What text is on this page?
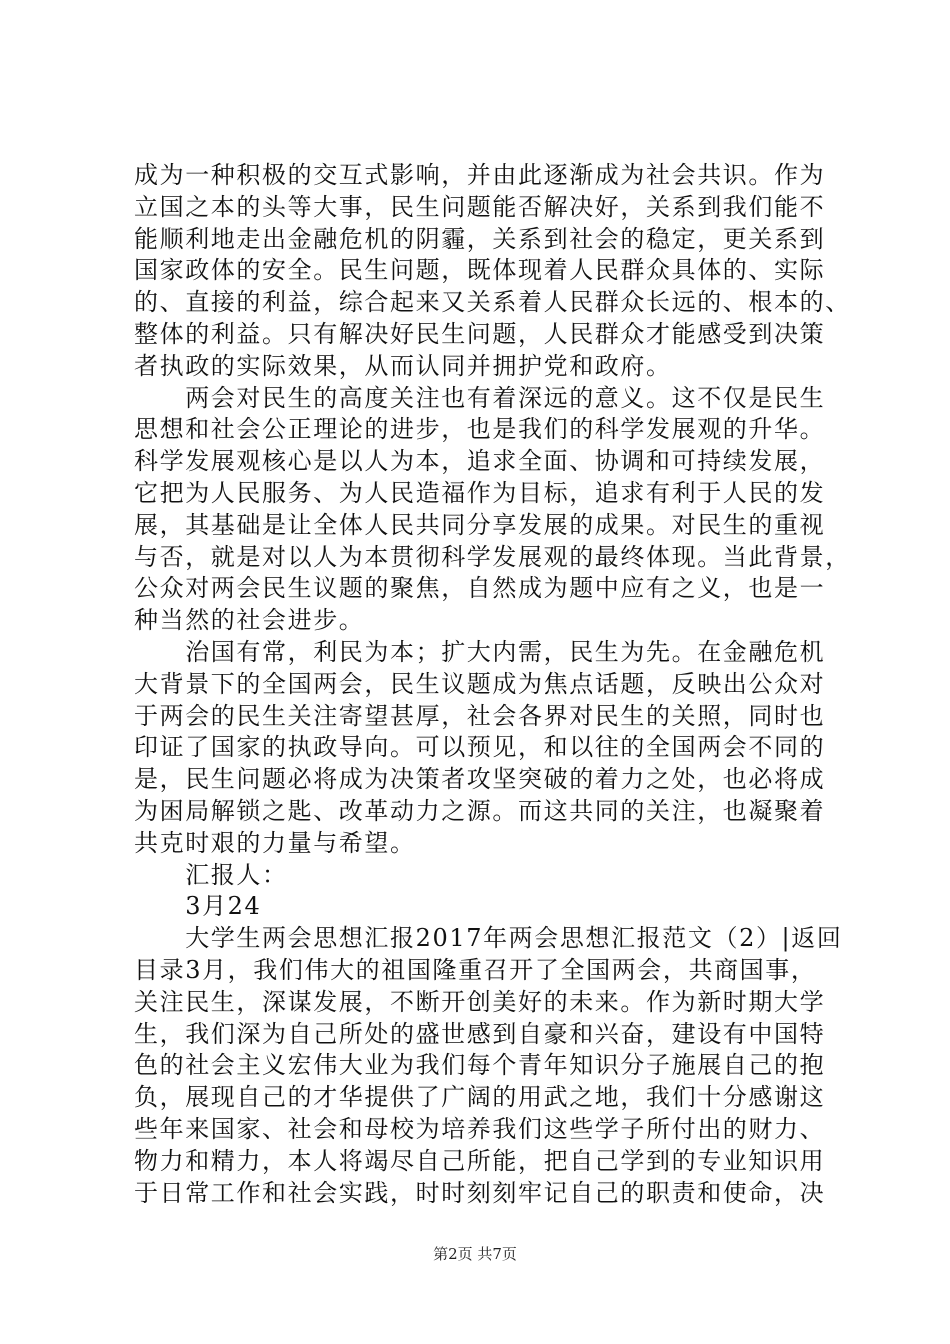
成为一种积极的交互式影响，并由此逐渐成为社会共识。作为
立国之本的头等大事，民生问题能否解决好，关系到我们能不
能顺利地走出金融危机的阴霾，关系到社会的稳定，更关系到
国家政体的安全。民生问题，既体现着人民群众具体的、实际
的、直接的利益，综合起来又关系着人民群众长远的、根本的、
整体的利益。只有解决好民生问题，人民群众才能感受到决策
者执政的实际效果，从而认同并拥护党和政府。
　　两会对民生的高度关注也有着深远的意义。这不仅是民生
思想和社会公正理论的进步，也是我们的科学发展观的升华。
科学发展观核心是以人为本，追求全面、协调和可持续发展，
它把为人民服务、为人民造福作为目标，追求有利于人民的发
展，其基础是让全体人民共同分享发展的成果。对民生的重视
与否，就是对以人为本贯彻科学发展观的最终体现。当此背景，
公众对两会民生议题的聚焦，自然成为题中应有之义，也是一
种当然的社会进步。
　　治国有常，利民为本；扩大内需，民生为先。在金融危机
大背景下的全国两会，民生议题成为焦点话题，反映出公众对
于两会的民生关注寄望甚厚，社会各界对民生的关照，同时也
印证了国家的执政导向。可以预见，和以往的全国两会不同的
是，民生问题必将成为决策者攻坚突破的着力之处，也必将成
为困局解锁之匙、改革动力之源。而这共同的关注，也凝聚着
共克时艰的力量与希望。
　　汇报人：
　　3月24
　　大学生两会思想汇报2017年两会思想汇报范文（2）|返回
目录3月，我们伟大的祖国隆重召开了全国两会，共商国事，
关注民生，深谋发展，不断开创美好的未来。作为新时期大学
生，我们深为自己所处的盛世感到自豪和兴奋，建设有中国特
色的社会主义宏伟大业为我们每个青年知识分子施展自己的抱
负，展现自己的才华提供了广阔的用武之地，我们十分感谢这
些年来国家、社会和母校为培养我们这些学子所付出的财力、
物力和精力，本人将竭尽自己所能，把自己学到的专业知识用
于日常工作和社会实践，时时刻刻牢记自己的职责和使命，决
第2页 共7页
